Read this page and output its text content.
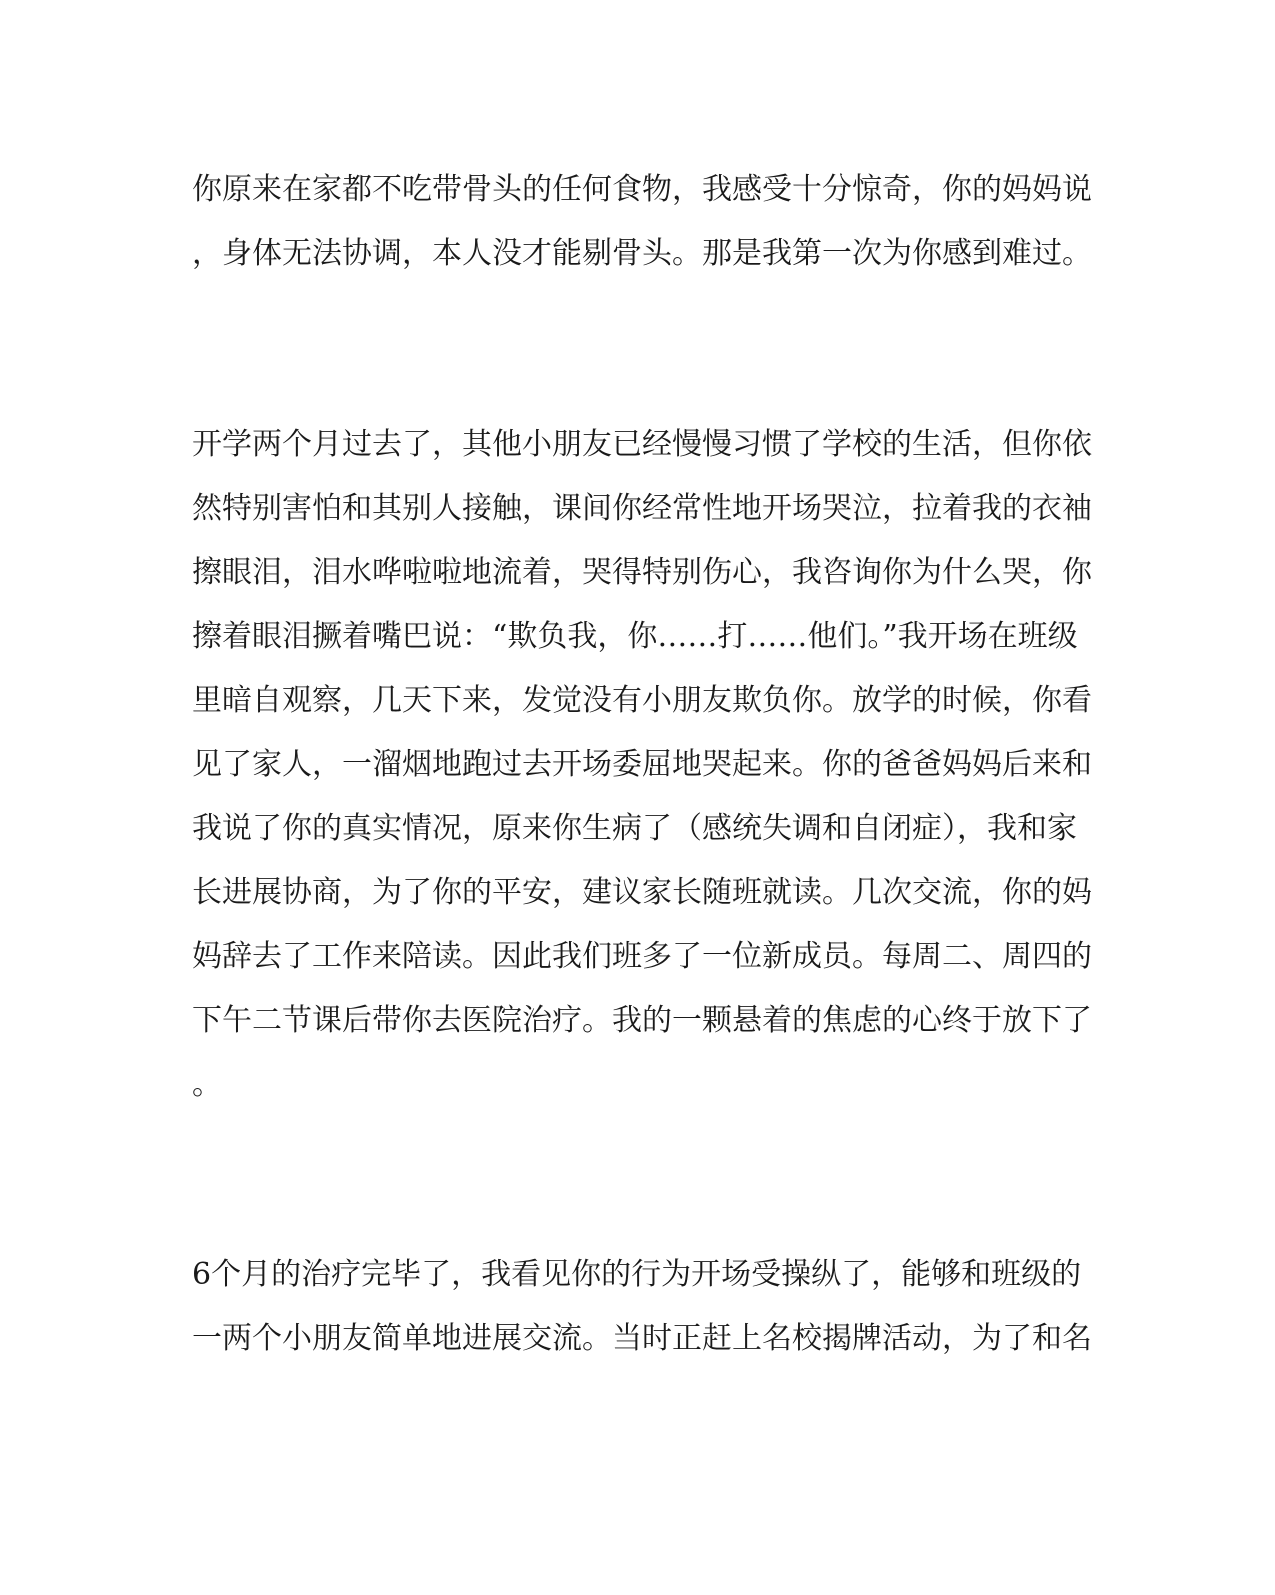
你原来在家都不吃带骨头的任何食物，我感受十分惊奇，你的妈妈说
，身体无法协调，本人没才能剔骨头。那是我第一次为你感到难过。
开学两个月过去了，其他小朋友已经慢慢习惯了学校的生活，但你依
然特别害怕和其别人接触，课间你经常性地开场哭泣，拉着我的衣袖
擦眼泪，泪水哗啦啦地流着，哭得特别伤心，我咨询你为什么哭，你
擦着眼泪撅着嘴巴说：“欺负我，你……打……他们。”我开场在班级
里暗自观察，几天下来，发觉没有小朋友欺负你。放学的时候，你看
见了家人，一溜烟地跑过去开场委屈地哭起来。你的爸爸妈妈后来和
我说了你的真实情况，原来你生病了（感统失调和自闭症），我和家
长进展协商，为了你的平安，建议家长随班就读。几次交流，你的妈
妈辞去了工作来陪读。因此我们班多了一位新成员。每周二、周四的
下午二节课后带你去医院治疗。我的一颗悬着的焦虑的心终于放下了
。
6个月的治疗完毕了，我看见你的行为开场受操纵了，能够和班级的
一两个小朋友简单地进展交流。当时正赶上名校揭牌活动，为了和名
